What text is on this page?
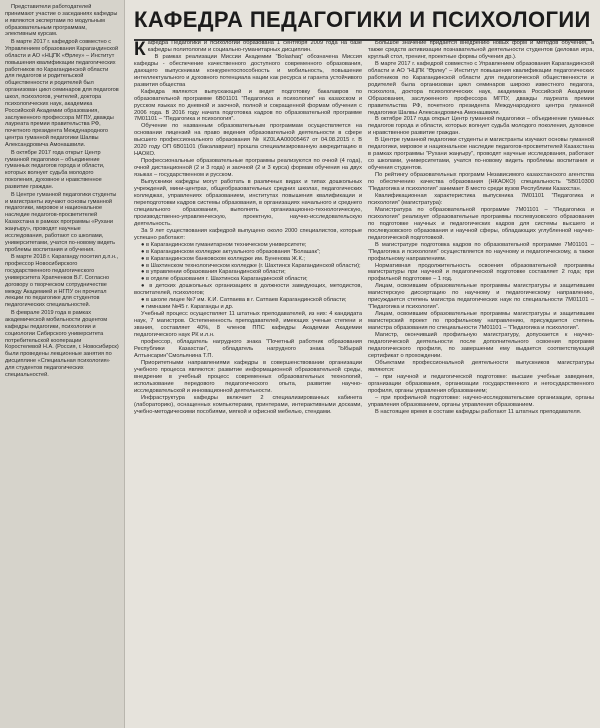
Представители работодателей принимают участие о заседаниях кафедры и являются экспертами по модульным образовательным программам, элективным курсам.

В марте 2017 г. кафедрой совместно с Управлением образования Карагандинской области и АО «НЦПК «Өрлеу» – Институт повышения квалификации педагогических работников по Карагандинской области для педагогов и родительской общественности и родителей был организован цикл семинаров для педагогов школ, психологов, учителей, доктора психологических наук, академика Российской Академии образования, заслуженного профессора МГПУ, дважды лауреата премии правительства РФ, почетного президента Международного центра гуманной педагогики Шалвы Александровича Амонашвили.

В октябре 2017 года открыт Центр гуманной педагогики – объединение гуманных педагогов города и области, которых волнует судьба молодого поколения, духовное и нравственное развитие граждан.

В Центре гуманной педагогики студенты и магистранты изучают основы гуманной педагогики, мировое и национальное наследие педагогов-просветителей Казахстана в рамках программы «Рухани жаңғыру», проводят научные исследования, работают со школами, университетами, учатся по-новому видеть проблемы воспитания и обучения.

В марте 2018 г. Караганду посетил д.п.н., профессор Новосибирского государственного педагогического университета Храпченков В.Г. Согласно договору о творческом сотрудничестве между Академией и НГПУ он прочитал лекции по педагогике для студентов педагогических специальностей.

В феврале 2019 года в рамках академической мобильности доцентом кафедры педагогики, психологии и социологии Сибирского университета потребительской кооперации Коростелевой Н.А. (Россия, г. Новосибирск) были проведены лекционные занятия по дисциплине «Специальная психология» для студентов педагогических специальностей.

КАФЕДРА ПЕДАГОГИКИ И ПСИХОЛОГИИ

Кафедра Педагогики и психологии образована 1 сентября 2009 года на базе кафедры политологии и социально-гуманитарных дисциплин.

В рамках реализации Миссии Академии “Bolashaq” обозначена Миссия кафедры - обеспечение качественного доступного современного образования, дающего выпускникам конкурентоспособность и мобильность, повышение интеллектуального и духовного потенциала нации как ресурса и гаранта устойчивого развития общества

Кафедра являются выпускающей и ведет подготовку бакалавров по образовательной программе 6В01101 “Педагогика и психология” на казахском и русском языках по дневной и заочной, полной и сокращенной формам обучения с 2006 года. В 2016 году начата подготовка кадров по образовательной программе 7М01101 – “Педагогика и психология”.

Обучение по названным образовательным программам осуществляется на основании лицензий на право ведения образовательной деятельности в сфере высшего профессионального образования № КZ0LAA00005467 от 04.08.2015 г. В 2020 году ОП 6В01101 (бакалавриат) прошла специализированную аккредитацию в НАОКО.

Профессиональные образовательные программы реализуются по очной (4 года), очной дистанционной (2 и 3 года) и заочной (2 и 3 курса) формам обучения на двух языках – государственном и русском.

Выпускники кафедры могут работать в различных видах и типах дошкольных учреждений, мини-центрах, общеобразовательных средних школах, педагогических колледжах, управлениях образованием, институтах повышения квалификации и переподготовки кадров системы образования, в организациях начального и среднего специального образования, выполнять организационно-технологическую, производственно-управленческую, проектную, научно-исследовательскую деятельность.

За 9 лет существования кафедрой выпущено около 2000 специалистов, которые успешно работают:

● в Карагандинском гуманитарном техническом университете;

● в Карагандинском колледже актуального образования “Болашак”;

● в Карагандинском банковском колледже им. Буненова Ж.К.;

● в Шахтинском технологическом колледже (г. Шахтинск Карагандинской области);

● в управлении образования Карагандинской области;

● в отделе образования г. Шахтинска Карагандинской области;

● в детских дошкольных организациях в должности заведующих, методистов, воспитателей, психологов;

● в школе лицее №7 им. К.И. Сатпаева в г. Сатпаев Карагандинской области;

● гимназии №45 г. Караганды и др.

Учебный процесс осуществляет 11 штатных преподавателей, из них: 4 кандидата наук, 7 магистров. Остепененность преподавателей, имеющих ученые степени и звания, составляет 40%, 8 членов ППС кафедры Академии Академии педагогического наук РК и.л.н.

профессор, обладатель нагрудного знака “Почетный работник образования Республики Казахстан”, обладатель нагрудного знака “Ыбырай Алтынсарин”Смольянина Т.П.

Приоритетными направлениями кафедры в совершенствовании организации учебного процесса являются: развитие информационной образовательной среды, внедрение в учебный процесс современных образовательных технологий, использование передового педагогического опыта, развитие научно-исследовательской и инновационной деятельности.

Инфраструктура кафедры включает 2 специализированных кабинета (лабораторию), оснащенных компьютерами, принтерами, интерактивными досками, учебно-методическими пособиями, мягкой и офисной мебелью, стендами.

Большое значение придается внедрению новых форм и методов обучения, а также средств активизации познавательной деятельности студентов (деловая игра, круглый стол, тренинг, проектные формы обучения др.).

В марте 2017 г. кафедрой совместно с Управлением образования Карагандинской области и АО “НЦПК “Өрлеу” – Институт повышения квалификации педагогических работников по Карагандинской области для педагогической общественности и родителей была организован цикл семинаров широко известного педагога, психолога, доктора психологических наук, академика Российской Академии Образования, заслуженного профессора МГПУ, дважды лауреата премии правительства РФ, почетного президента Международного центра гуманной педагогики Шалвы Александровича Амонашвили.

В октябре 2017 года открыт Центр гуманной педагогики – объединение гуманных педагогов города и области, которых волнует судьба молодого поколения, духовное и нравственное развитие граждан.

В Центре гуманной педагогики студенты и магистранты изучают основы гуманной педагогики, мировое и национальное наследие педагогов-просветителей Казахстана в рамках программы “Рухани жаңғыру”, проводят научные исследования, работают со школами, университетами, учатся по-новому видеть проблемы воспитания и обучения студентов.

По рейтингу образовательных программ Независимого казахстанского агентства по обеспечению качества образования (НКАОКО) специальность “5В010300 “Педагогика и психология” занимает 8 место среди вузов Республики Казахстан.

Квалификационная характеристика выпускника 7М01101 “Педагогика и психология” (магистратура):

Магистратура по образовательной программе 7М01101 – “Педагогика и психология” реализует образовательные программы послевузовского образования по подготовке научных и педагогических кадров для системы высшего и послевузовского образования и научной сферы, обладающих углубленной научно-педагогической подготовкой.

В магистратуре подготовка кадров по образовательной программе 7М01101 – “Педагогика и психология” осуществляется по научному и педагогическому, а также профильному направлениям.

Нормативная продолжительность освоения образовательной программы магистратуры при научной и педагогической подготовке составляет 2 года; при профильной подготовке – 1 год.

Лицам, освоившим образовательные программы магистратуры и защитившим магистерскую диссертацию по научному и педагогическому направлению, присуждается степень магистра педагогических наук по специальности 7М01101 – “Педагогика и психология”.

Лицам, освоившим образовательные программы магистратуры и защитившим магистерский проект по профильному направлению, присуждается степень магистра образования по специальности 7М01101 – “Педагогика и психология”.

Магистр, окончивший профильную магистратуру, допускается к научно-педагогической деятельности после дополнительного освоения программ педагогического профиля, по завершении ему выдается соответствующий сертификат о прохождении.

Объектами профессиональной деятельности выпускников магистратуры являются:

– при научной и педагогической подготовке: высшие учебные заведения, организации образования, организации государственного и негосударственного профиля, органы управления образованием;

– при профильной подготовке: научно-исследовательские организации, органы управления образованием, органы управления образованием.

В настоящее время в составе кафедры работают 11 штатных преподавателя.
